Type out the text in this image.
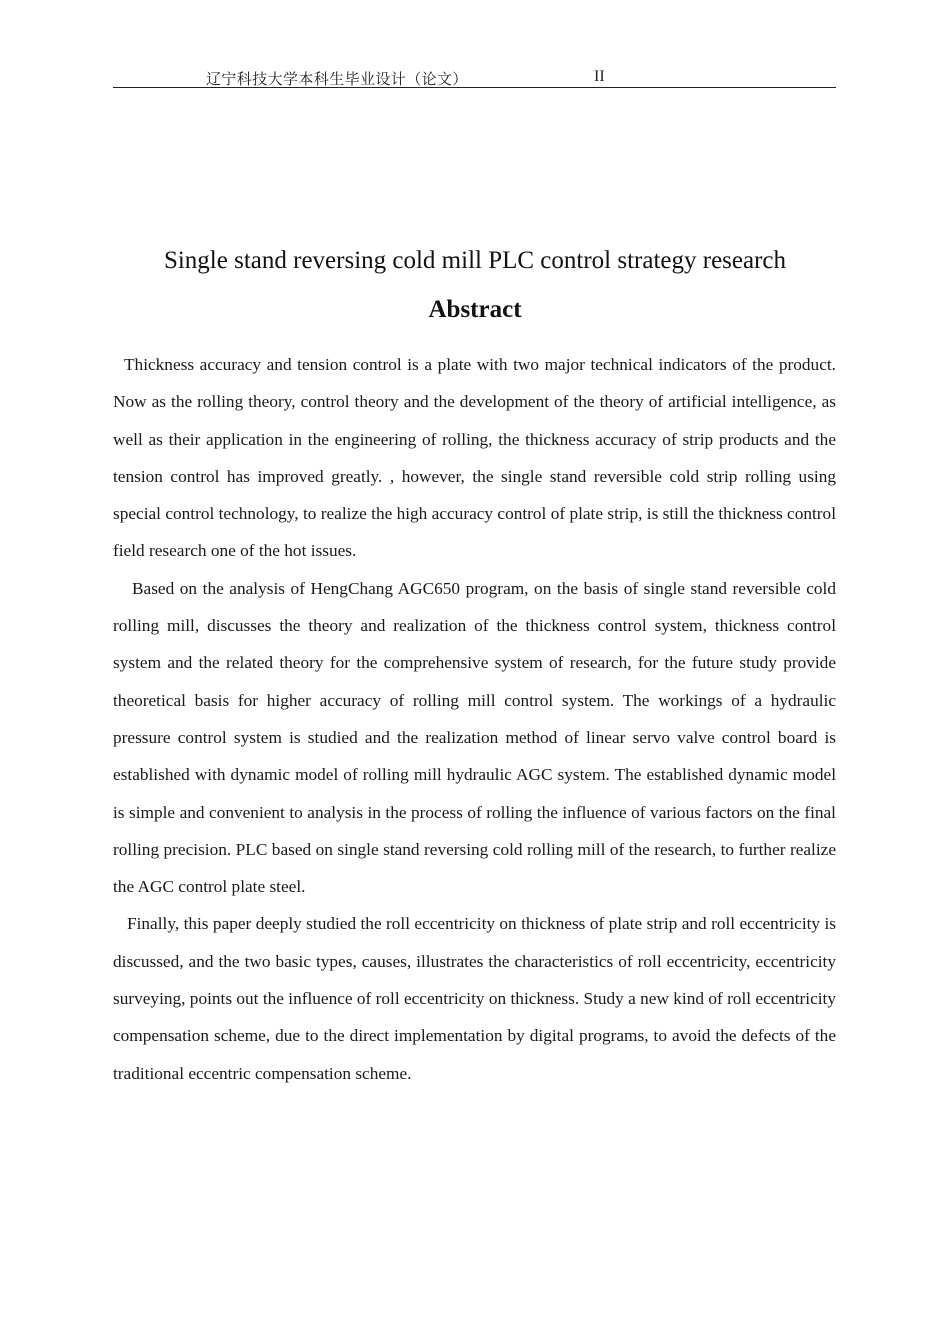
辽宁科技大学本科生毕业设计（论文）	II
Single stand reversing cold mill PLC control strategy research
Abstract

Thickness accuracy and tension control is a plate with two major technical indicators of the product. Now as the rolling theory, control theory and the development of the theory of artificial intelligence, as well as their application in the engineering of rolling, the thickness accuracy of strip products and the tension control has improved greatly. , however, the single stand reversible cold strip rolling using special control technology, to realize the high accuracy control of plate strip, is still the thickness control field research one of the hot issues.

Based on the analysis of HengChang AGC650 program, on the basis of single stand reversible cold rolling mill, discusses the theory and realization of the thickness control system, thickness control system and the related theory for the comprehensive system of research, for the future study provide theoretical basis for higher accuracy of rolling mill control system. The workings of a hydraulic pressure control system is studied and the realization method of linear servo valve control board is established with dynamic model of rolling mill hydraulic AGC system. The established dynamic model is simple and convenient to analysis in the process of rolling the influence of various factors on the final rolling precision. PLC based on single stand reversing cold rolling mill of the research, to further realize the AGC control plate steel.

Finally, this paper deeply studied the roll eccentricity on thickness of plate strip and roll eccentricity is discussed, and the two basic types, causes, illustrates the characteristics of roll eccentricity, eccentricity surveying, points out the influence of roll eccentricity on thickness. Study a new kind of roll eccentricity compensation scheme, due to the direct implementation by digital programs, to avoid the defects of the traditional eccentric compensation scheme.
